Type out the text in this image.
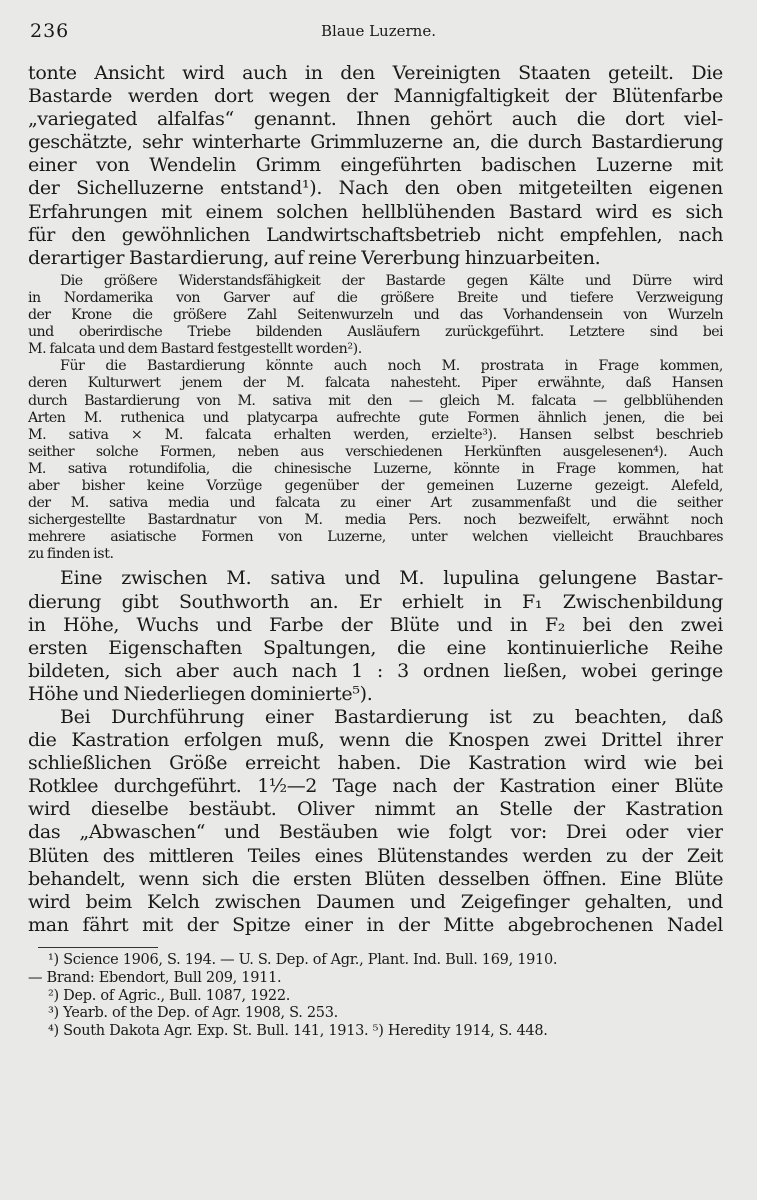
236	Blaue Luzerne.
tonte Ansicht wird auch in den Vereinigten Staaten geteilt. Die
Bastarde werden dort wegen der Mannigfaltigkeit der Blütenfarbe
„variegated alfalfas“ genannt. Ihnen gehört auch die dort viel-
geschätzte, sehr winterharte Grimmluzerne an, die durch Bastardierung
einer von Wendelin Grimm eingeführten badischen Luzerne mit
der Sichelluzerne entstand¹). Nach den oben mitgeteilten eigenen
Erfahrungen mit einem solchen hellblühenden Bastard wird es sich
für den gewöhnlichen Landwirtschaftsbetrieb nicht empfehlen, nach
derartiger Bastardierung, auf reine Vererbung hinzuarbeiten.
Die größere Widerstandsfähigkeit der Bastarde gegen Kälte und Dürre wird
in Nordamerika von Garver auf die größere Breite und tiefere Verzweigung
der Krone die größere Zahl Seitenwurzeln und das Vorhandensein von Wurzeln
und oberirdische Triebe bildenden Ausläufern zurückgeführt. Letztere sind bei
M. falcata und dem Bastard festgestellt worden²).
Für die Bastardierung könnte auch noch M. prostrata in Frage kommen,
deren Kulturwert jenem der M. falcata nahesteht. Piper erwähnte, daß Hansen
durch Bastardierung von M. sativa mit den — gleich M. falcata — gelbblühenden
Arten M. ruthenica und platycarpa aufrechte gute Formen ähnlich jenen, die bei
M. sativa × M. falcata erhalten werden, erzielte³). Hansen selbst beschrieb
seither solche Formen, neben aus verschiedenen Herkünften ausgelesenen⁴). Auch
M. sativa rotundifolia, die chinesische Luzerne, könnte in Frage kommen, hat
aber bisher keine Vorzüge gegenüber der gemeinen Luzerne gezeigt. Alefeld,
der M. sativa media und falcata zu einer Art zusammenfaßt und die seither
sichergestellte Bastardnatur von M. media Pers. noch bezweifelt, erwähnt noch
mehrere asiatische Formen von Luzerne, unter welchen vielleicht Brauchbares
zu finden ist.
Eine zwischen M. sativa und M. lupulina gelungene Bastar-
dierung gibt Southworth an. Er erhielt in F₁ Zwischenbildung
in Höhe, Wuchs und Farbe der Blüte und in F₂ bei den zwei
ersten Eigenschaften Spaltungen, die eine kontinuierliche Reihe
bildeten, sich aber auch nach 1 : 3 ordnen ließen, wobei geringe
Höhe und Niederliegen dominierte⁵).
Bei Durchführung einer Bastardierung ist zu beachten, daß
die Kastration erfolgen muß, wenn die Knospen zwei Drittel ihrer
schließlichen Größe erreicht haben. Die Kastration wird wie bei
Rotklee durchgeführt. 1½—2 Tage nach der Kastration einer Blüte
wird dieselbe bestäubt. Oliver nimmt an Stelle der Kastration
das „Abwaschen“ und Bestäuben wie folgt vor: Drei oder vier
Blüten des mittleren Teiles eines Blütenstandes werden zu der Zeit
behandelt, wenn sich die ersten Blüten desselben öffnen. Eine Blüte
wird beim Kelch zwischen Daumen und Zeigefinger gehalten, und
man fährt mit der Spitze einer in der Mitte abgebrochenen Nadel
¹) Science 1906, S. 194. — U. S. Dep. of Agr., Plant. Ind. Bull. 169, 1910.
— Brand: Ebendort, Bull 209, 1911.
²) Dep. of Agric., Bull. 1087, 1922.
³) Yearb. of the Dep. of Agr. 1908, S. 253.
⁴) South Dakota Agr. Exp. St. Bull. 141, 1913. ⁵) Heredity 1914, S. 448.
